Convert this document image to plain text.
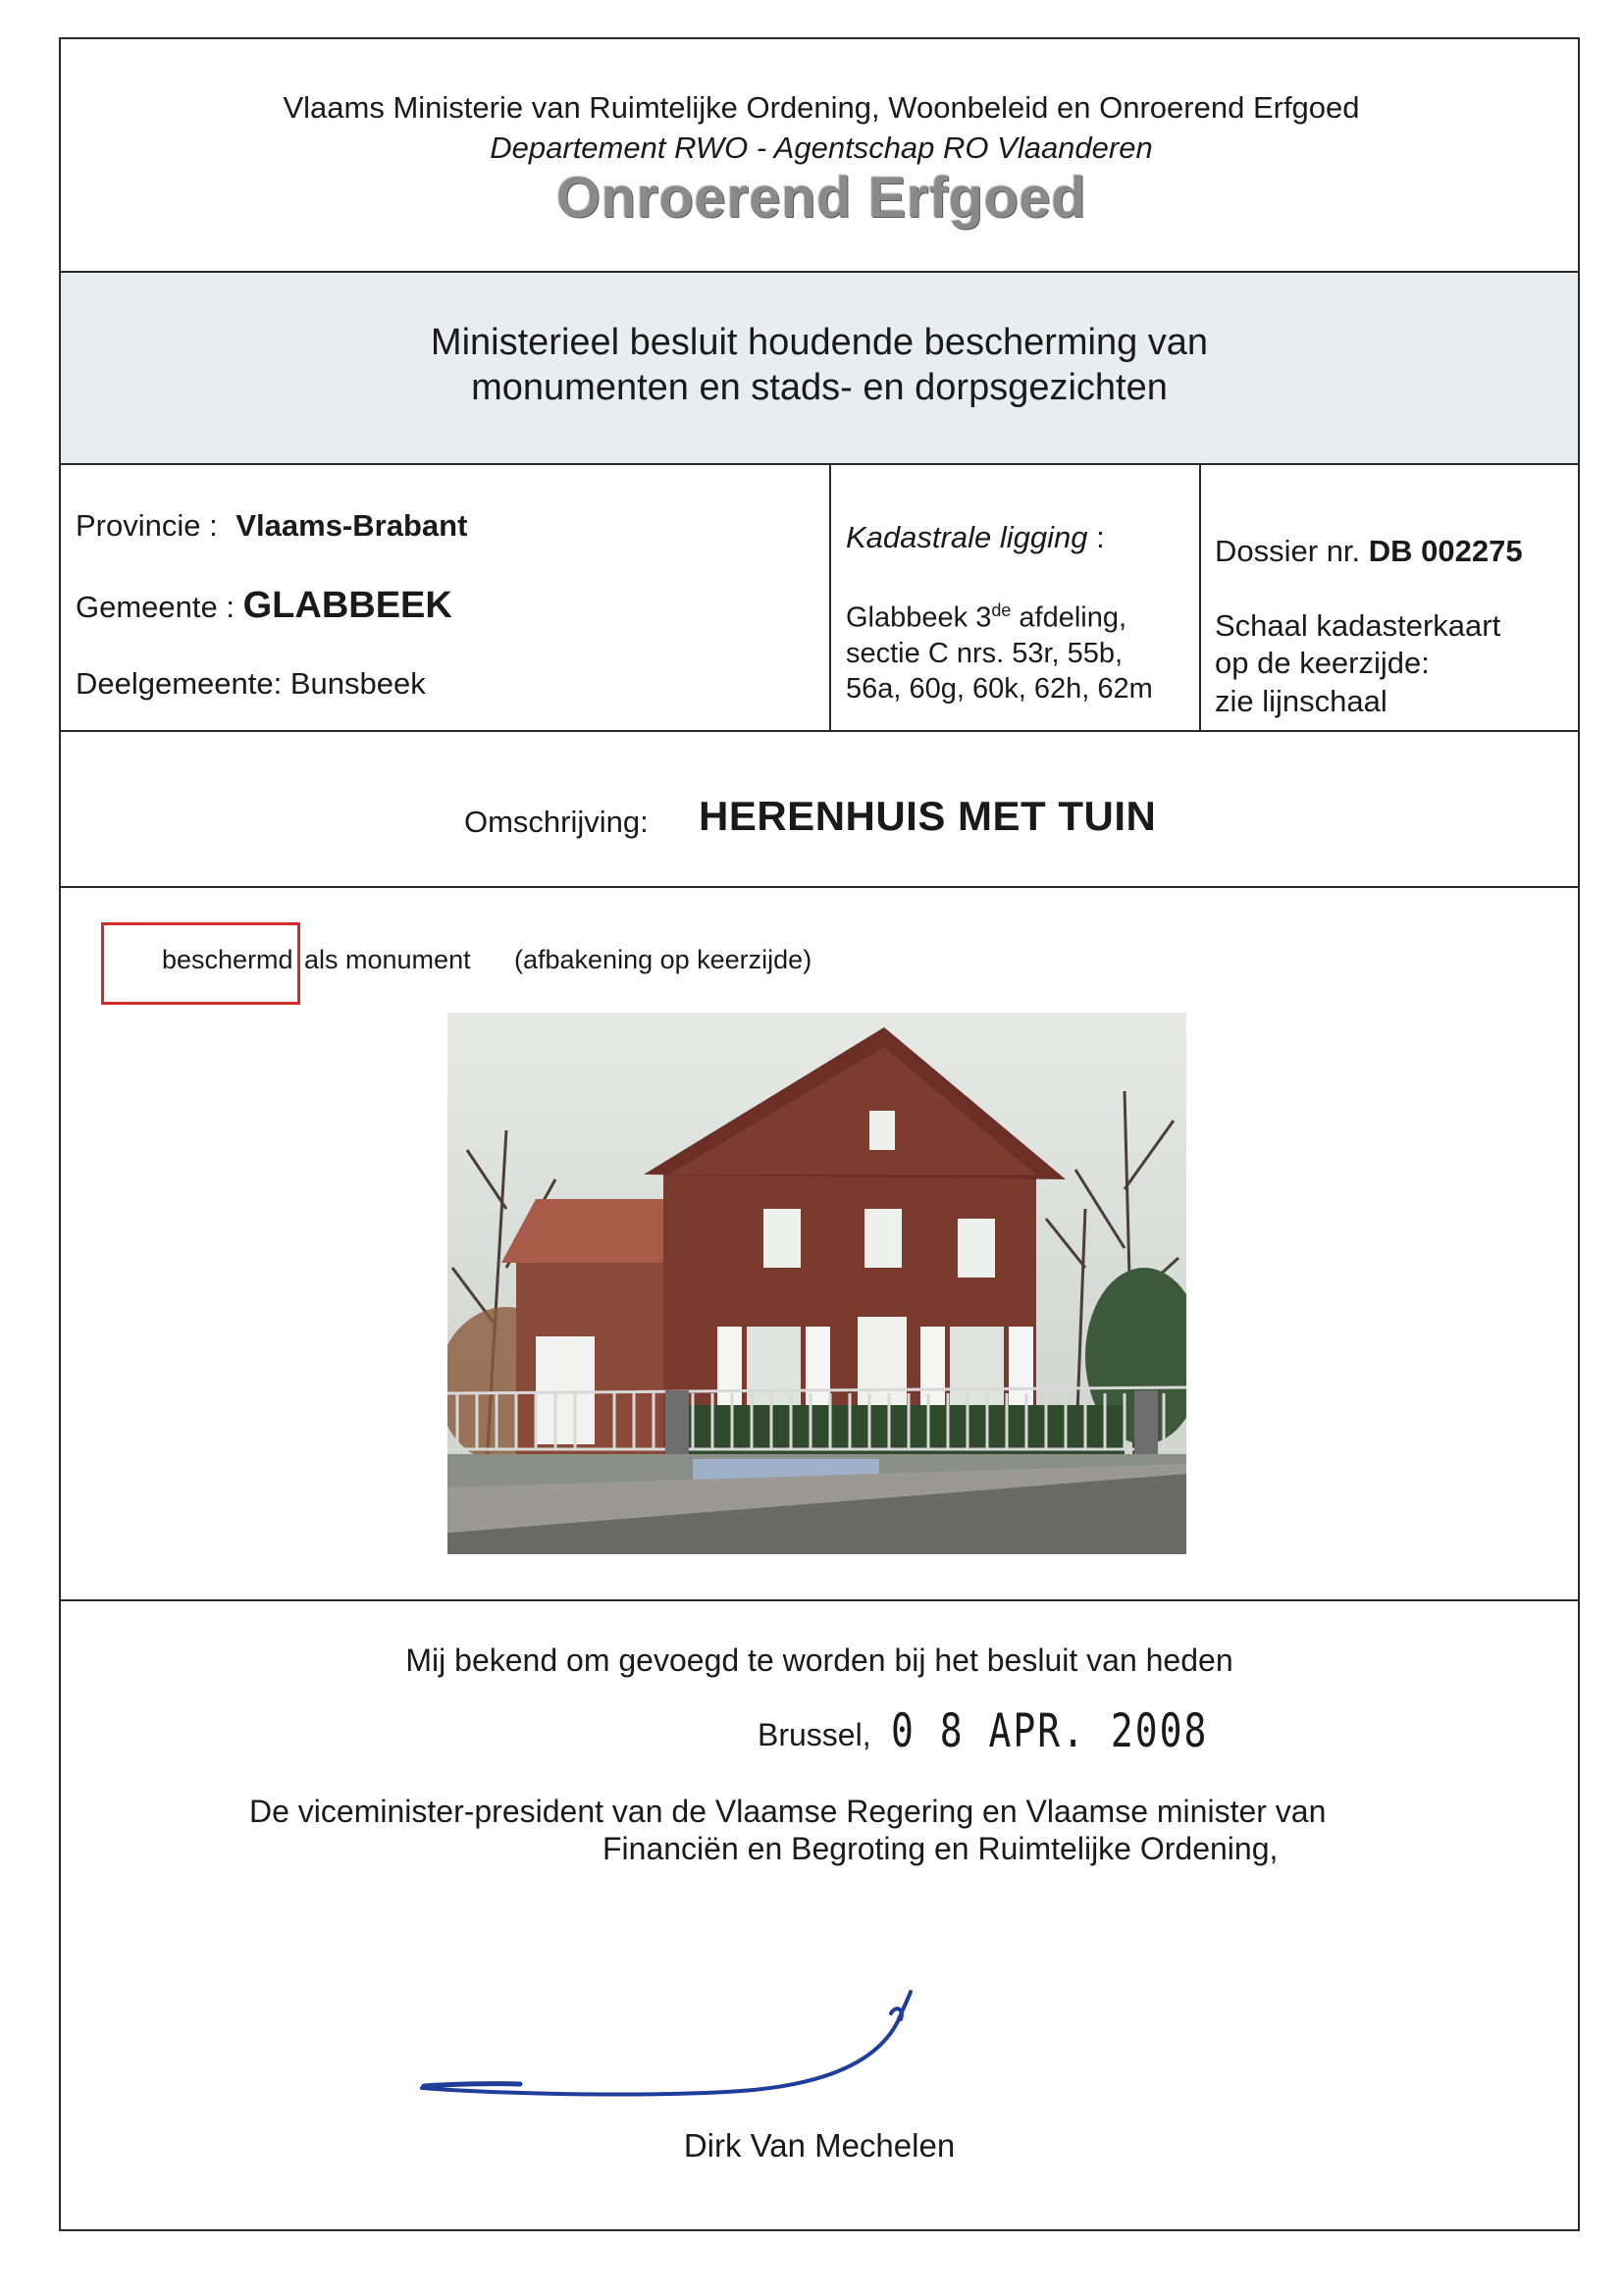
Vlaams Ministerie van Ruimtelijke Ordening, Woonbeleid en Onroerend Erfgoed
Departement RWO - Agentschap RO Vlaanderen
Onroerend Erfgoed
Ministerieel besluit houdende bescherming van
monumenten en stads- en dorpsgezichten
Provincie : Vlaams-Brabant
Gemeente : GLABBEEK
Deelgemeente: Bunsbeek
Kadastrale ligging :
Glabbeek 3de afdeling,
sectie C nrs. 53r, 55b,
56a, 60g, 60k, 62h, 62m
Dossier nr. DB 002275
Schaal kadasterkaart
op de keerzijde:
zie lijnschaal
Omschrijving: HERENHUIS MET TUIN
beschermd als monument (afbakening op keerzijde)
Mij bekend om gevoegd te worden bij het besluit van heden
Brussel, 0 8 APR. 2008
De viceminister-president van de Vlaamse Regering en Vlaamse minister van
Financiën en Begroting en Ruimtelijke Ordening,
Dirk Van Mechelen
